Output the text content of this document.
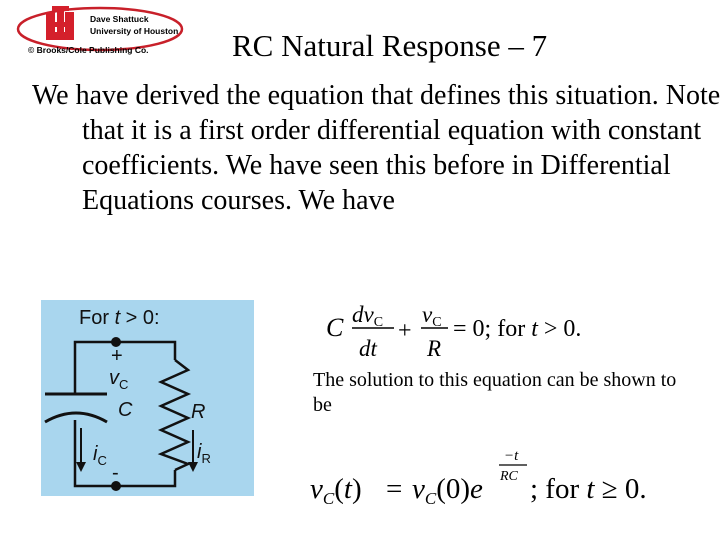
Dave Shattuck
University of Houston
© Brooks/Cole Publishing Co.	RC Natural Response – 7
We have derived the equation that defines this situation. Note that it is a first order differential equation with constant coefficients. We have seen this before in Differential Equations courses. We have
For t > 0:
+
$v_C$
C	R
$i_C$	$i_R$
-
C dvC
dt
+
vC
R
= 0; for t > 0.
The solution to this equation can be shown to be
$v_C(t) = v_C(0)e$
−t
RC ; for t ≥ 0.
